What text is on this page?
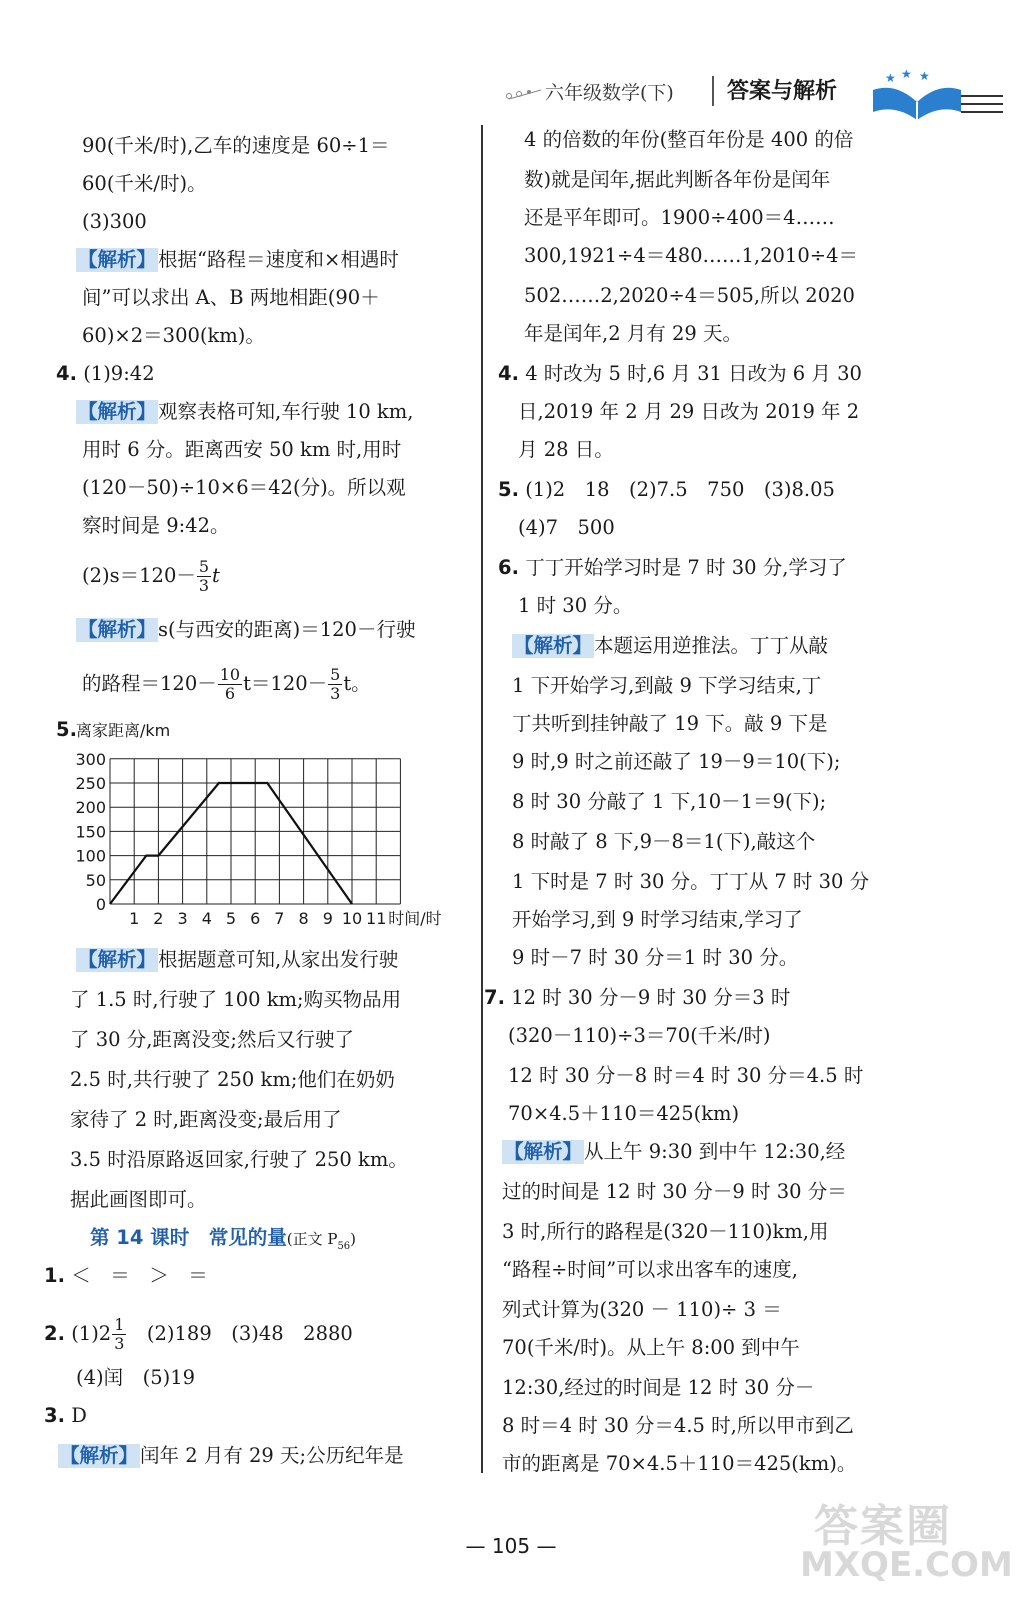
六年级数学(下) 答案与解析
★ ★ ★
90(千米/时),乙车的速度是 60÷1＝
60(千米/时)。
(3)300
【解析】 根据“路程＝速度和×相遇时
间”可以求出 A、B 两地相距(90＋
60)×2＝300(km)。
4. (1)9:42
【解析】 观察表格可知,车行驶 10 km,
用时 6 分。距离西安 50 km 时,用时
(120－50)÷10×6＝42(分)。所以观
察时间是 9:42。
$(2)s=120- \frac{5}{3}$ t
【解析】 s(与西安的距离)＝120－行驶
的路程$=120- \frac{10}{6} t=120- \frac{5}{3}$ t。
5. 离家距离/km
0
50
100
150
200
250
300
1 2 3 4 5 6 7 8 9 10 11 时间/时
【解析】 根据题意可知,从家出发行驶
了 1.5 时,行驶了 100 km;购买物品用
了 30 分,距离没变;然后又行驶了
2.5 时,共行驶了 250 km;他们在奶奶
家待了 2 时,距离没变;最后用了
3.5 时沿原路返回家,行驶了 250 km。
据此画图即可。
第 14 课时　常见的量(正文 $P_{56}$)
1. ＜　＝　＞　＝
2. $(1)2 \frac{1}{3}$ 　(2)189　(3)48　2880
(4)闰　(5)19
3. D
【解析】 闰年 2 月有 29 天;公历纪年是
4 的倍数的年份(整百年份是 400 的倍
数)就是闰年,据此判断各年份是闰年
还是平年即可。1900÷400＝4……
300,1921÷4＝480……1,2010÷4＝
502……2,2020÷4＝505,所以 2020
年是闰年,2 月有 29 天。
4. 4 时改为 5 时,6 月 31 日改为 6 月 30
日,2019 年 2 月 29 日改为 2019 年 2
月 28 日。
5. (1)2　18　(2)7.5　750　(3)8.05
(4)7　500
6. 丁丁开始学习时是 7 时 30 分,学习了
1 时 30 分。
【解析】 本题运用逆推法。丁丁从敲
1 下开始学习,到敲 9 下学习结束,丁
丁共听到挂钟敲了 19 下。敲 9 下是
9 时,9 时之前还敲了 19－9＝10(下);
8 时 30 分敲了 1 下,10－1＝9(下);
8 时敲了 8 下,9－8＝1(下),敲这个
1 下时是 7 时 30 分。丁丁从 7 时 30 分
开始学习,到 9 时学习结束,学习了
9 时－7 时 30 分＝1 时 30 分。
7. 12 时 30 分－9 时 30 分＝3 时
(320－110)÷3＝70(千米/时)
12 时 30 分－8 时＝4 时 30 分＝4.5 时
70×4.5＋110＝425(km)
【解析】 从上午 9:30 到中午 12:30,经
过的时间是 12 时 30 分－9 时 30 分＝
3 时,所行的路程是(320－110)km,用
“路程÷时间”可以求出客车的速度,
列式计算为(320 － 110)÷ 3 ＝
70(千米/时)。从上午 8:00 到中午
12:30,经过的时间是 12 时 30 分－
8 时＝4 时 30 分＝4.5 时,所以甲市到乙
市的距离是 70×4.5＋110＝425(km)。
— 105 —	答案圈
MXQE.COM
